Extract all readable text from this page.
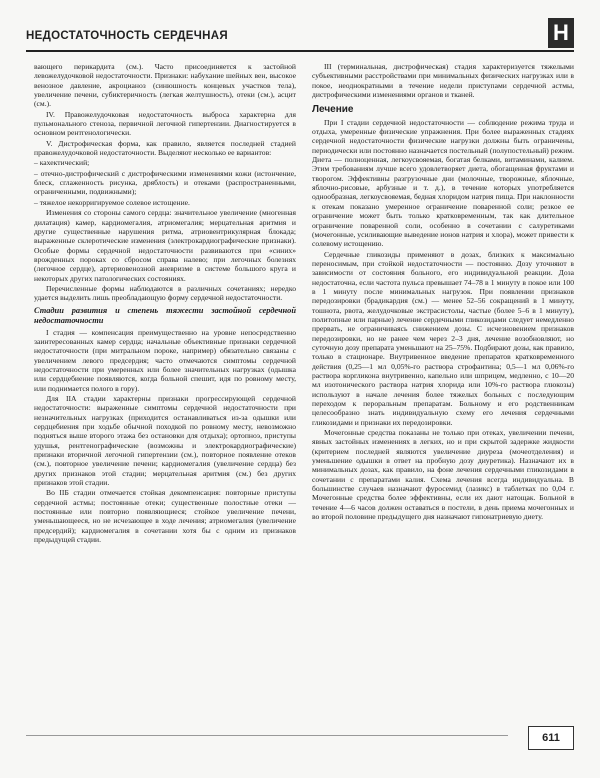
НЕДОСТАТОЧНОСТЬ СЕРДЕЧНАЯ	Н

вающего перикардита (см.). Часто присоединяется к застойной левожелудочковой недостаточности. Признаки: набухание шейных вен, высокое венозное давление, акроцианоз (синюшность концевых участков тела), увеличение печени, субиктеричность (легкая желтушность), отеки (см.), асцит (см.).

IV. Правожелудочковая недостаточность выброса характерна для пульмонального стеноза, первичной легочной гипертензии. Диагностируется в основном рентгенологически.

V. Дистрофическая форма, как правило, является последней стадией правожелудочковой недостаточности. Выделяют несколько ее вариантов:

– кахектический;

– отечно-дистрофический с дистрофическими изменениями кожи (истончение, блеск, сглаженность рисунка, дряблость) и отеками (распространенными, ограниченными, подвижными);

– тяжелое некорригируемое солевое истощение.

Изменения со стороны самого сердца: значительное увеличение (многенная дилатация) камер, кардиомегалия, атриомегалия; мерцательная аритмия и другие существенные нарушения ритма, атриовентрикулярная блокада; выраженные склеротические изменения (электрокардиографические признаки). Особые формы сердечной недостаточности развиваются при «синих» врожденных пороках со сбросом справа налево; при легочных болезнях (легочное сердце), артериовенозной аневризме в системе большого круга и некоторых других патологических состояниях.

Перечисленные формы наблюдаются в различных сочетаниях; нередко удается выделить лишь преобладающую форму сердечной недостаточности.

Стадии развития и степень тяжести застойной сердечной недостаточности

I стадия — компенсация преимущественно на уровне непосредственно заинтересованных камер сердца; начальные объективные признаки сердечной недостаточности (при митральном пороке, например) обязательно связаны с увеличением левого предсердия; часто отмечаются симптомы сердечной недостаточности при умеренных или более значительных нагрузках (одышка или сердцебиение появляются, когда больной спешит, идя по ровному месту, или поднимается полого в гору).

Для IIA стадии характерны признаки прогрессирующей сердечной недостаточности: выраженные симптомы сердечной недостаточности при незначительных нагрузках (приходится останавливаться из-за одышки или сердцебиения при ходьбе обычной походкой по ровному месту, невозможно подняться выше второго этажа без остановки для отдыха); ортопноэ, приступы удушья, рентгенографические (возможны и электрокардиографические) признаки вторичной легочной гипертензии (см.), повторное появление отеков (см.), повторное увеличение печени; кардиомегалия (увеличение сердца) без других признаков этой стадии; мерцательная аритмия (см.) без других признаков этой стадии.

Во IIБ стадии отмечается стойкая декомпенсация: повторные приступы сердечной астмы; постоянные отеки; существенные полостные отеки — постоянные или повторно появляющиеся; стойкое увеличение печени, уменьшающееся, но не исчезающее в ходе лечения; атриомегалия (увеличение предсердий); кардиомегалия в сочетании хотя бы с одним из признаков предыдущей стадии.

III (терминальная, дистрофическая) стадия характеризуется тяжелыми субъективными расстройствами при минимальных физических нагрузках или в покое, неоднократными в течение недели приступами сердечной астмы, дистрофическими изменениями органов и тканей.

Лечение

При I стадии сердечной недостаточности — соблюдение режима труда и отдыха, умеренные физические упражнения. При более выраженных стадиях сердечной недостаточности физические нагрузки должны быть ограничены, периодически или постоянно назначается постельный (полупостельный) режим. Диета — полноценная, легкоусвояемая, богатая белками, витаминами, калием. Этим требованиям лучше всего удовлетворяет диета, обогащенная фруктами и творогом. Эффективны разгрузочные дни (молочные, творожные, яблочные, яблочно-рисовые, арбузные и т. д.), в течение которых употребляется однообразная, легкоусвояемая, бедная хлоридом натрия пища. При наклонности к отекам показано умеренное ограничение поваренной соли; резкое ее ограничение может быть только кратковременным, так как длительное ограничение поваренной соли, особенно в сочетании с салуретиками (мочегонные, усиливающие выведение ионов натрия и хлора), может привести к солевому истощению.

Сердечные гликозиды применяют в дозах, близких к максимально переносимым, при стойкой недостаточности — постоянно. Дозу уточняют в зависимости от состояния больного, его индивидуальной реакции. Доза недостаточна, если частота пульса превышает 74–78 в 1 минуту в покое или 100 в 1 минуту после минимальных нагрузок. При появлении признаков передозировки (брадикардия (см.) — менее 52–56 сокращений в 1 минуту, тошнота, рвота, желудочковые экстрасистолы, частые (более 5–6 в 1 минуту), политопные или парные) лечение сердечными гликозидами следует немедленно прервать, не ограничиваясь снижением дозы. С исчезновением признаков передозировки, но не ранее чем через 2–3 дня, лечение возобновляют, но суточную дозу препарата уменьшают на 25–75%. Подбирают дозы, как правило, только в стационаре. Внутривенное введение препаратов кратковременного действия (0,25—1 мл 0,05%-го раствора строфантина; 0,5—1 мл 0,06%-го раствора коргликона внутривенно, капельно или шприцем, медленно, с 10—20 мл изотонического раствора натрия хлорида или 10%-го раствора глюкозы) используют в начале лечения более тяжелых больных с последующим переходом к пероральным препаратам. Больному и его родственникам целесообразно знать индивидуальную схему его лечения сердечными гликозидами и признаки их передозировки.

Мочегонные средства показаны не только при отеках, увеличении печени, явных застойных изменениях в легких, но и при скрытой задержке жидкости (критерием последней являются увеличение диуреза (мочеотделения) и уменьшение одышки в ответ на пробную дозу диуретика). Назначают их в минимальных дозах, как правило, на фоне лечения сердечными гликозидами в сочетании с препаратами калия. Схема лечения всегда индивидуальна. В большинстве случаев назначают фуросемид (лазикс) в таблетках по 0,04 г. Мочегонные средства более эффективны, если их дают натощак. Больной в течение 4—6 часов должен оставаться в постели, в день приема мочегонных и во второй половине предыдущего дня назначают гипонатриевую диету.

611
